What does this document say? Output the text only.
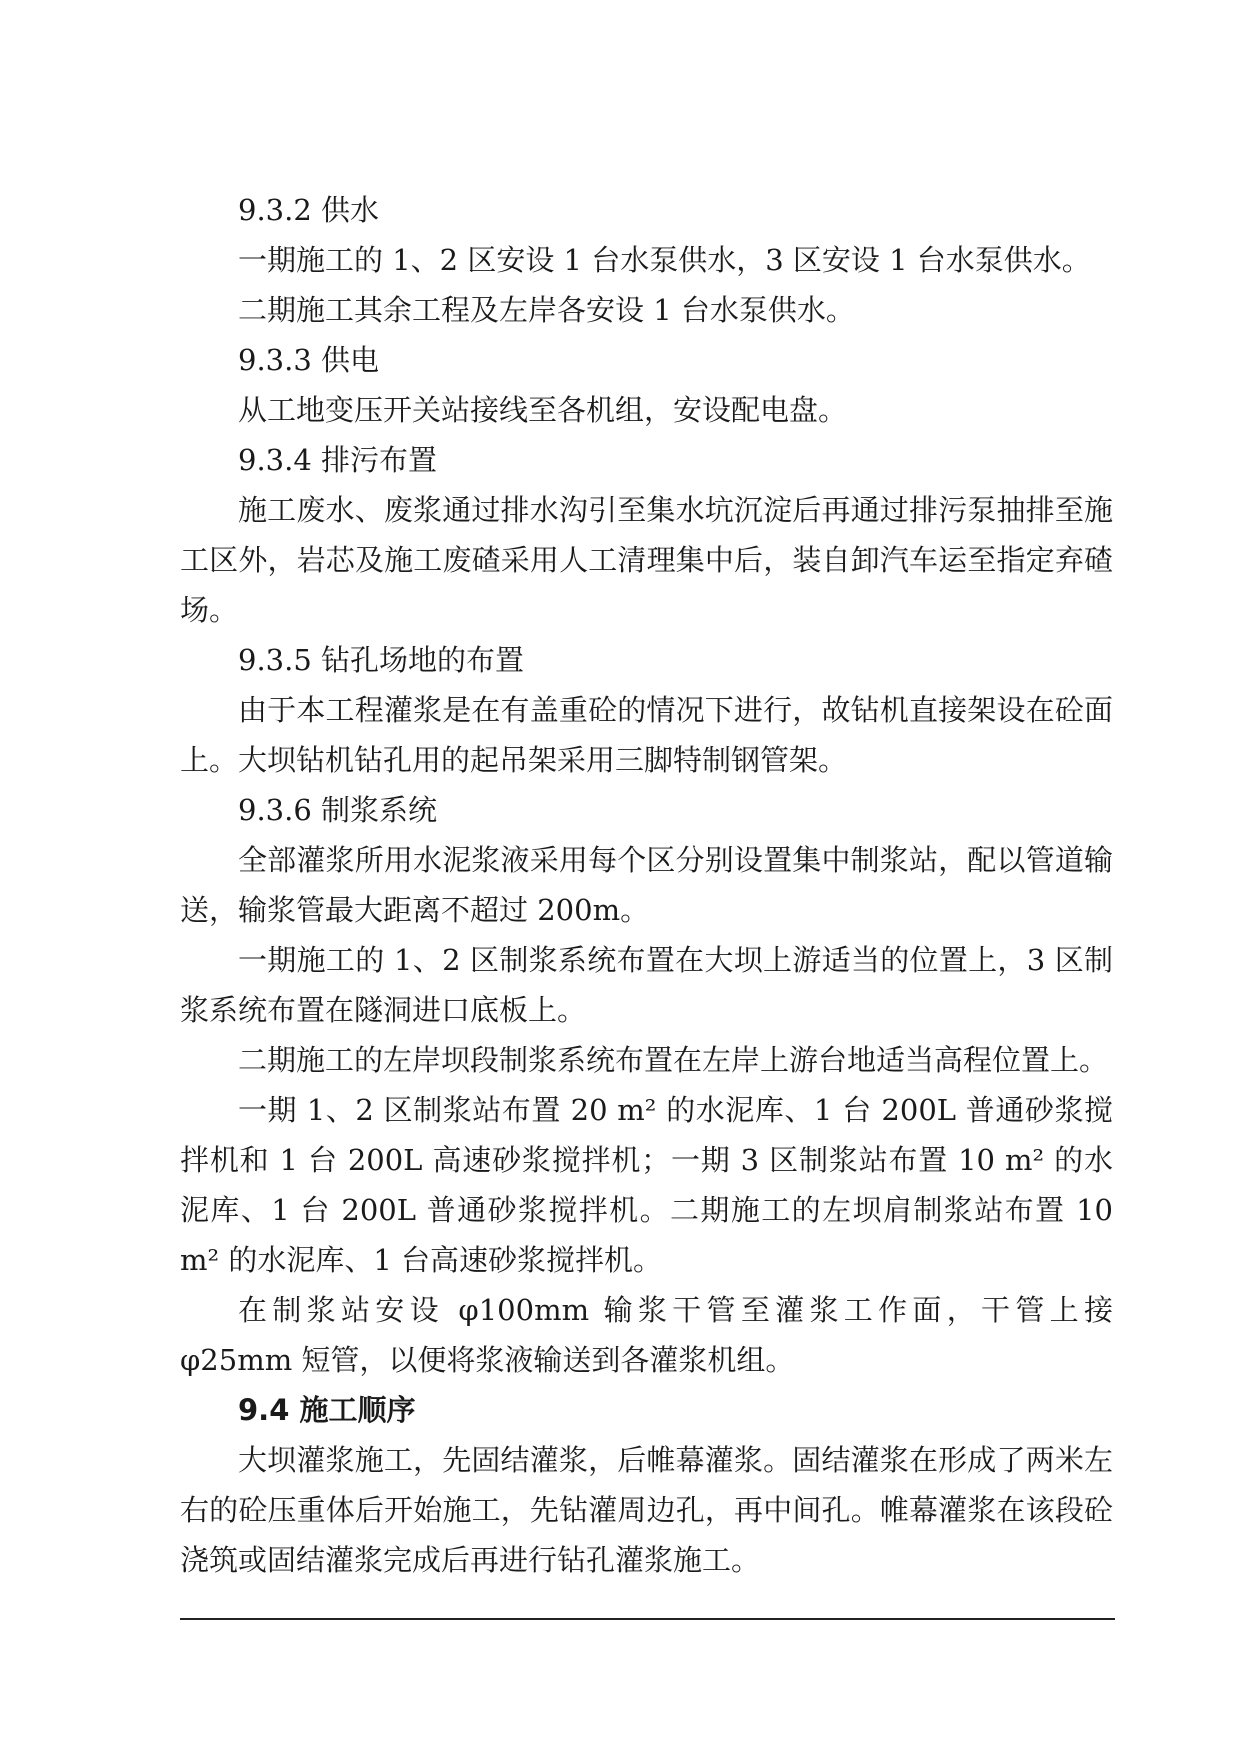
9.3.2 供水

一期施工的 1、2 区安设 1 台水泵供水，3 区安设 1 台水泵供水。

二期施工其余工程及左岸各安设 1 台水泵供水。

9.3.3 供电

从工地变压开关站接线至各机组，安设配电盘。

9.3.4 排污布置

施工废水、废浆通过排水沟引至集水坑沉淀后再通过排污泵抽排至施工区外，岩芯及施工废碴采用人工清理集中后，装自卸汽车运至指定弃碴场。

9.3.5 钻孔场地的布置

由于本工程灌浆是在有盖重砼的情况下进行，故钻机直接架设在砼面上。大坝钻机钻孔用的起吊架采用三脚特制钢管架。

9.3.6 制浆系统

全部灌浆所用水泥浆液采用每个区分别设置集中制浆站，配以管道输送，输浆管最大距离不超过 200m。

一期施工的 1、2 区制浆系统布置在大坝上游适当的位置上，3 区制浆系统布置在隧洞进口底板上。

二期施工的左岸坝段制浆系统布置在左岸上游台地适当高程位置上。

一期 1、2 区制浆站布置 20 m² 的水泥库、1 台 200L 普通砂浆搅拌机和 1 台 200L 高速砂浆搅拌机；一期 3 区制浆站布置 10 m² 的水泥库、1 台 200L 普通砂浆搅拌机。二期施工的左坝肩制浆站布置 10 m² 的水泥库、1 台高速砂浆搅拌机。

在制浆站安设 φ100mm 输浆干管至灌浆工作面，干管上接 φ25mm 短管，以便将浆液输送到各灌浆机组。

9.4 施工顺序

大坝灌浆施工，先固结灌浆，后帷幕灌浆。固结灌浆在形成了两米左右的砼压重体后开始施工，先钻灌周边孔，再中间孔。帷幕灌浆在该段砼浇筑或固结灌浆完成后再进行钻孔灌浆施工。
